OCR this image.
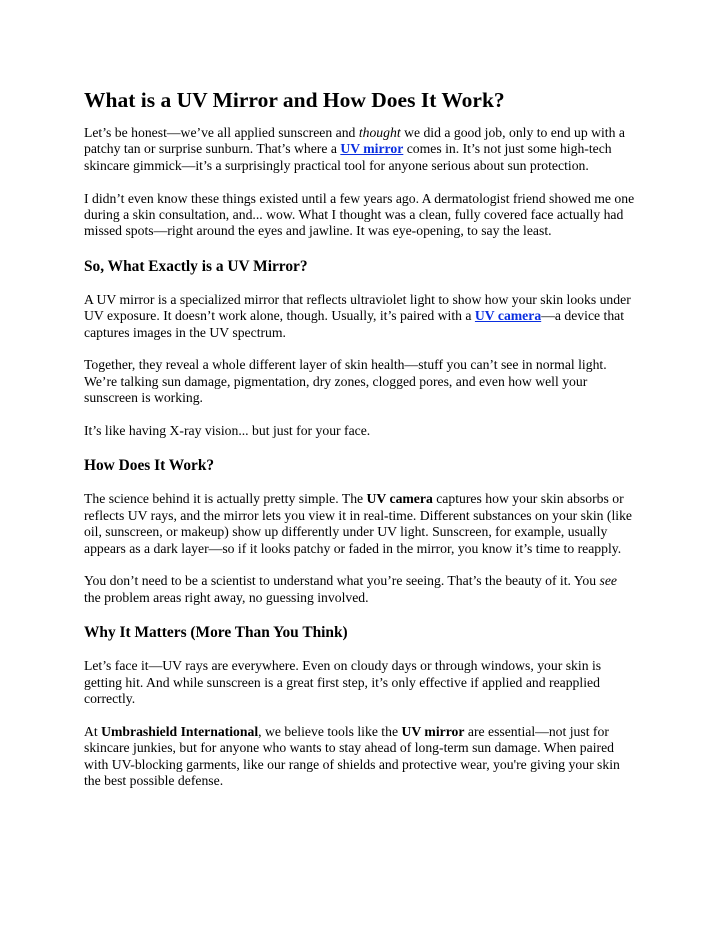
What is a UV Mirror and How Does It Work?

Let’s be honest—we’ve all applied sunscreen and thought we did a good job, only to end up with a patchy tan or surprise sunburn. That’s where a UV mirror comes in. It’s not just some high-tech skincare gimmick—it’s a surprisingly practical tool for anyone serious about sun protection.

I didn’t even know these things existed until a few years ago. A dermatologist friend showed me one during a skin consultation, and... wow. What I thought was a clean, fully covered face actually had missed spots—right around the eyes and jawline. It was eye-opening, to say the least.

So, What Exactly is a UV Mirror?

A UV mirror is a specialized mirror that reflects ultraviolet light to show how your skin looks under UV exposure. It doesn’t work alone, though. Usually, it’s paired with a UV camera—a device that captures images in the UV spectrum.

Together, they reveal a whole different layer of skin health—stuff you can’t see in normal light. We’re talking sun damage, pigmentation, dry zones, clogged pores, and even how well your sunscreen is working.

It’s like having X-ray vision... but just for your face.

How Does It Work?

The science behind it is actually pretty simple. The UV camera captures how your skin absorbs or reflects UV rays, and the mirror lets you view it in real-time. Different substances on your skin (like oil, sunscreen, or makeup) show up differently under UV light. Sunscreen, for example, usually appears as a dark layer—so if it looks patchy or faded in the mirror, you know it’s time to reapply.

You don’t need to be a scientist to understand what you’re seeing. That’s the beauty of it. You see the problem areas right away, no guessing involved.

Why It Matters (More Than You Think)

Let’s face it—UV rays are everywhere. Even on cloudy days or through windows, your skin is getting hit. And while sunscreen is a great first step, it’s only effective if applied and reapplied correctly.

At Umbrashield International, we believe tools like the UV mirror are essential—not just for skincare junkies, but for anyone who wants to stay ahead of long-term sun damage. When paired with UV-blocking garments, like our range of shields and protective wear, you're giving your skin the best possible defense.
